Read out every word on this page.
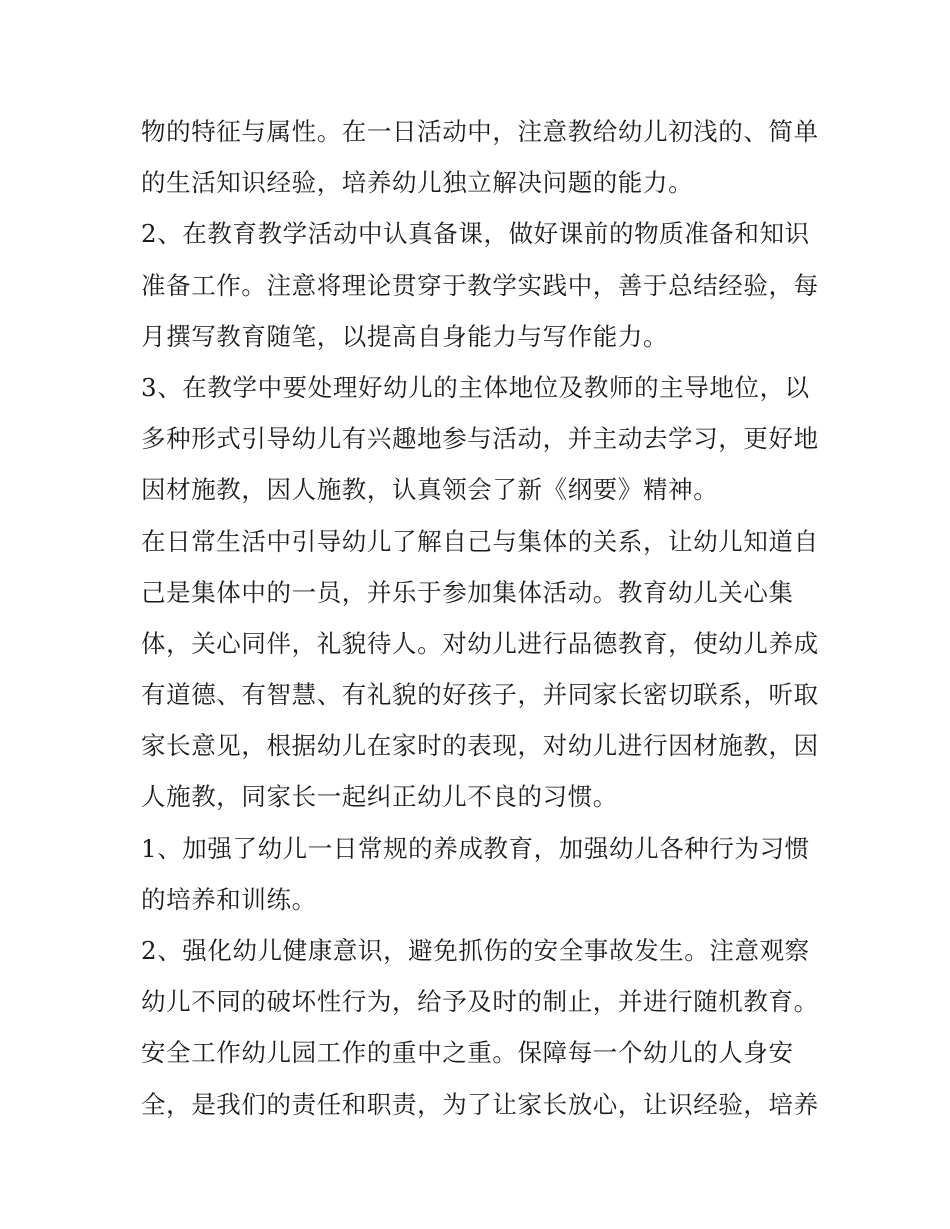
物的特征与属性。在一日活动中，注意教给幼儿初浅的、简单
的生活知识经验，培养幼儿独立解决问题的能力。
2、在教育教学活动中认真备课，做好课前的物质准备和知识
准备工作。注意将理论贯穿于教学实践中，善于总结经验，每
月撰写教育随笔，以提高自身能力与写作能力。
3、在教学中要处理好幼儿的主体地位及教师的主导地位，以
多种形式引导幼儿有兴趣地参与活动，并主动去学习，更好地
因材施教，因人施教，认真领会了新《纲要》精神。
在日常生活中引导幼儿了解自己与集体的关系，让幼儿知道自
己是集体中的一员，并乐于参加集体活动。教育幼儿关心集
体，关心同伴，礼貌待人。对幼儿进行品德教育，使幼儿养成
有道德、有智慧、有礼貌的好孩子，并同家长密切联系，听取
家长意见，根据幼儿在家时的表现，对幼儿进行因材施教，因
人施教，同家长一起纠正幼儿不良的习惯。
1、加强了幼儿一日常规的养成教育，加强幼儿各种行为习惯
的培养和训练。
2、强化幼儿健康意识，避免抓伤的安全事故发生。注意观察
幼儿不同的破坏性行为，给予及时的制止，并进行随机教育。
安全工作幼儿园工作的重中之重。保障每一个幼儿的人身安
全，是我们的责任和职责，为了让家长放心，让识经验，培养
